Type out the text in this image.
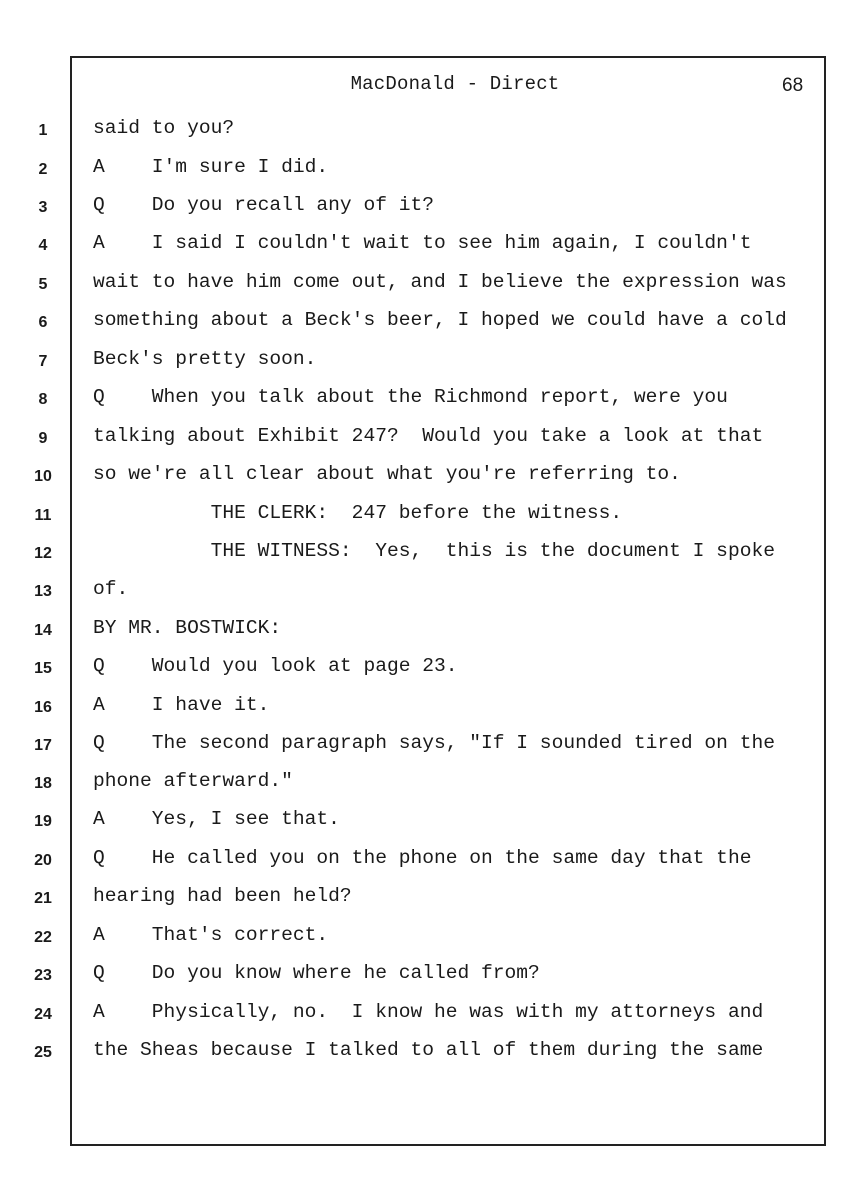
MacDonald - Direct	68
1	said to you?
2	A    I'm sure I did.
3	Q    Do you recall any of it?
4	A    I said I couldn't wait to see him again, I couldn't
5	wait to have him come out, and I believe the expression was
6	something about a Beck's beer, I hoped we could have a cold
7	Beck's pretty soon.
8	Q    When you talk about the Richmond report, were you
9	talking about Exhibit 247?  Would you take a look at that
10	so we're all clear about what you're referring to.
11	THE CLERK:  247 before the witness.
12	THE WITNESS:  Yes,  this is the document I spoke
13	of.
14	BY MR. BOSTWICK:
15	Q    Would you look at page 23.
16	A    I have it.
17	Q    The second paragraph says, "If I sounded tired on the
18	phone afterward."
19	A    Yes, I see that.
20	Q    He called you on the phone on the same day that the
21	hearing had been held?
22	A    That's correct.
23	Q    Do you know where he called from?
24	A    Physically, no.  I know he was with my attorneys and
25	the Sheas because I talked to all of them during the same
